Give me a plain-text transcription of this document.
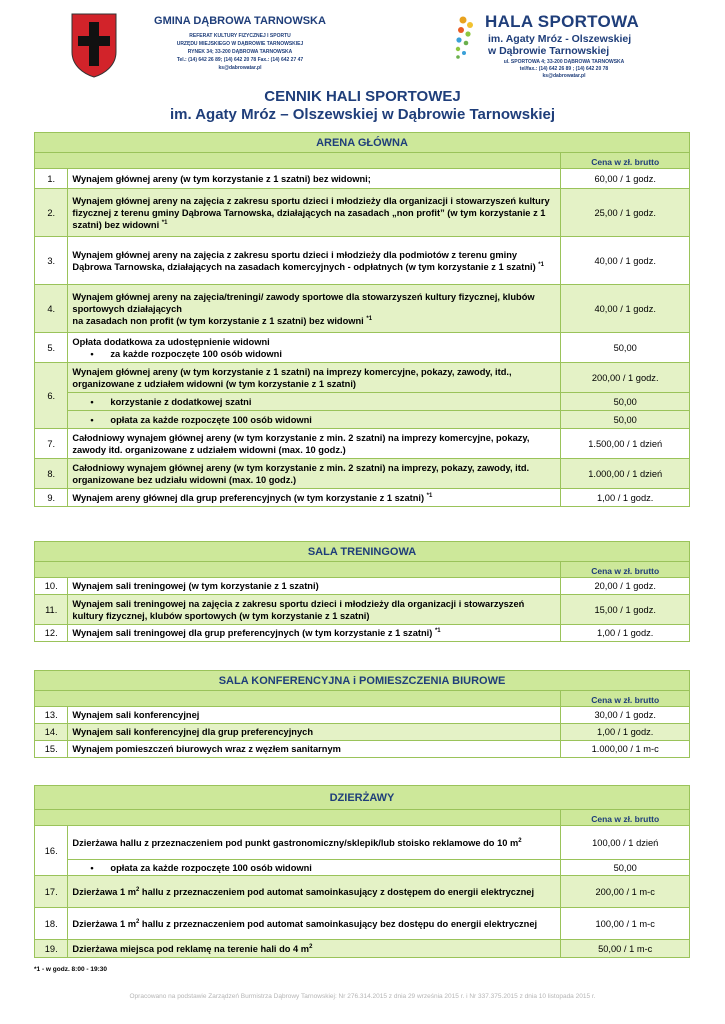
GMINA DĄBROWA TARNOWSKA
REFERAT KULTURY FIZYCZNEJ I SPORTU
URZĘDU MIEJSKIEGO W DĄBROWIE TARNOWSKIEJ
RYNEK 34; 33-200 DĄBROWA TARNOWSKA
Tel.: (14) 642 26 89; (14) 642 20 78 Fax.: (14) 642 27 47
ks@dabrowatar.pl
HALA SPORTOWA
im. Agaty Mróz - Olszewskiej
w Dąbrowie Tarnowskiej
ul. SPORTOWA 4; 33-200 DĄBROWA TARNOWSKA
tel/fax.: (14) 642 26 89 ; (14) 642 20 78
ks@dabrowatar.pl
CENNIK HALI SPORTOWEJ
im. Agaty Mróz – Olszewskiej w Dąbrowie Tarnowskiej
ARENA GŁÓWNA		
		Cena w zł. brutto
1.	Wynajem głównej areny (w tym korzystanie z 1 szatni) bez widowni;	60,00 / 1 godz.
2.	Wynajem głównej areny na zajęcia z zakresu sportu dzieci i młodzieży dla organizacji i stowarzyszeń kultury fizycznej z terenu gminy Dąbrowa Tarnowska, działających na zasadach „non profit” (w tym korzystanie z 1 szatni) bez widowni $^{*1}$	25,00 / 1 godz.
3.	Wynajem głównej areny na zajęcia z zakresu sportu dzieci i młodzieży dla podmiotów z terenu gminy Dąbrowa Tarnowska, działających na zasadach komercyjnych - odpłatnych (w tym korzystanie z 1 szatni) $^{*1}$	40,00 / 1 godz.
4.	Wynajem głównej areny na zajęcia/treningi/ zawody sportowe dla stowarzyszeń kultury fizycznej, klubów sportowych działających
na zasadach non profit (w tym korzystanie z 1 szatni) bez widowni $^{*1}$	40,00 / 1 godz.
5.	Opłata dodatkowa za udostępnienie widowni
• za każde rozpoczęte 100 osób widowni	50,00
6.	Wynajem głównej areny (w tym korzystanie z 1 szatni) na imprezy komercyjne, pokazy, zawody, itd., organizowane z udziałem widowni (w tym korzystanie z 1 szatni)	200,00 / 1 godz.
	• korzystanie z dodatkowej szatni	50,00
	• opłata za każde rozpoczęte 100 osób widowni	50,00
7.	Całodniowy wynajem głównej areny (w tym korzystanie z min. 2 szatni) na imprezy komercyjne, pokazy, zawody itd. organizowane z udziałem widowni (max. 10 godz.)	1.500,00 / 1 dzień
8.	Całodniowy wynajem głównej areny (w tym korzystanie z min. 2 szatni) na imprezy, pokazy, zawody, itd. organizowane bez udziału widowni (max. 10 godz.)	1.000,00 / 1 dzień
9.	Wynajem areny głównej dla grup preferencyjnych (w tym korzystanie z 1 szatni) $^{*1}$	1,00 / 1 godz.
SALA TRENINGOWA		
		Cena w zł. brutto
10.	Wynajem sali treningowej (w tym korzystanie z 1 szatni)	20,00 / 1 godz.
11.	Wynajem sali treningowej na zajęcia z zakresu sportu dzieci i młodzieży dla organizacji i stowarzyszeń kultury fizycznej, klubów sportowych (w tym korzystanie z 1 szatni)	15,00 / 1 godz.
12.	Wynajem sali treningowej dla grup preferencyjnych (w tym korzystanie z 1 szatni) $^{*1}$	1,00 / 1 godz.
SALA KONFERENCYJNA i POMIESZCZENIA BIUROWE		
		Cena w zł. brutto
13.	Wynajem sali konferencyjnej	30,00 / 1 godz.
14.	Wynajem sali konferencyjnej dla grup preferencyjnych	1,00 / 1 godz.
15.	Wynajem pomieszczeń biurowych wraz z węzłem sanitarnym	1.000,00 / 1 m-c
DZIERŻAWY		
		Cena w zł. brutto
16.	Dzierżawa hallu z przeznaczeniem pod punkt gastronomiczny/sklepik/lub stoisko reklamowe do 10 $m^2$	100,00 / 1 dzień
	• opłata za każde rozpoczęte 100 osób widowni	50,00
17.	Dzierżawa 1 $m^2$ hallu z przeznaczeniem pod automat samoinkasujący z dostępem do energii elektrycznej	200,00 / 1 m-c
18.	Dzierżawa 1 $m^2$ hallu z przeznaczeniem pod automat samoinkasujący bez dostępu do energii elektrycznej	100,00 / 1 m-c
19.	Dzierżawa miejsca pod reklamę na terenie hali do 4 $m^2$	50,00 / 1 m-c
*1 - w godz. 8:00 - 19:30
Opracowano na podstawie Zarządzeń Burmistrza Dąbrowy Tarnowskiej: Nr 276.314.2015 z dnia 29 września 2015 r. i Nr 337.375.2015 z dnia 10 listopada 2015 r.
